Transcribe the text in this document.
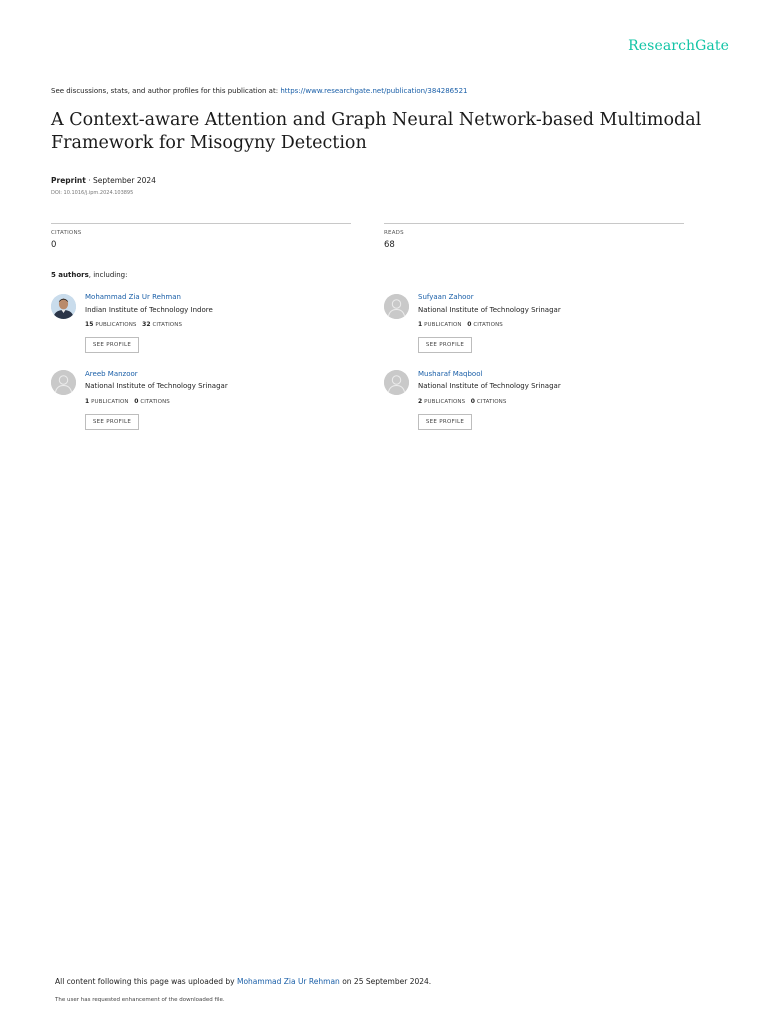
ResearchGate
See discussions, stats, and author profiles for this publication at: https://www.researchgate.net/publication/384286521
A Context-aware Attention and Graph Neural Network-based Multimodal Framework for Misogyny Detection
Preprint · September 2024
DOI: 10.1016/j.ipm.2024.103895
CITATIONS
0
READS
68
5 authors, including:
Mohammad Zia Ur Rehman
Indian Institute of Technology Indore
15 PUBLICATIONS 32 CITATIONS
SEE PROFILE
Sufyaan Zahoor
National Institute of Technology Srinagar
1 PUBLICATION 0 CITATIONS
SEE PROFILE
Areeb Manzoor
National Institute of Technology Srinagar
1 PUBLICATION 0 CITATIONS
SEE PROFILE
Musharaf Maqbool
National Institute of Technology Srinagar
2 PUBLICATIONS 0 CITATIONS
SEE PROFILE
All content following this page was uploaded by Mohammad Zia Ur Rehman on 25 September 2024.
The user has requested enhancement of the downloaded file.
